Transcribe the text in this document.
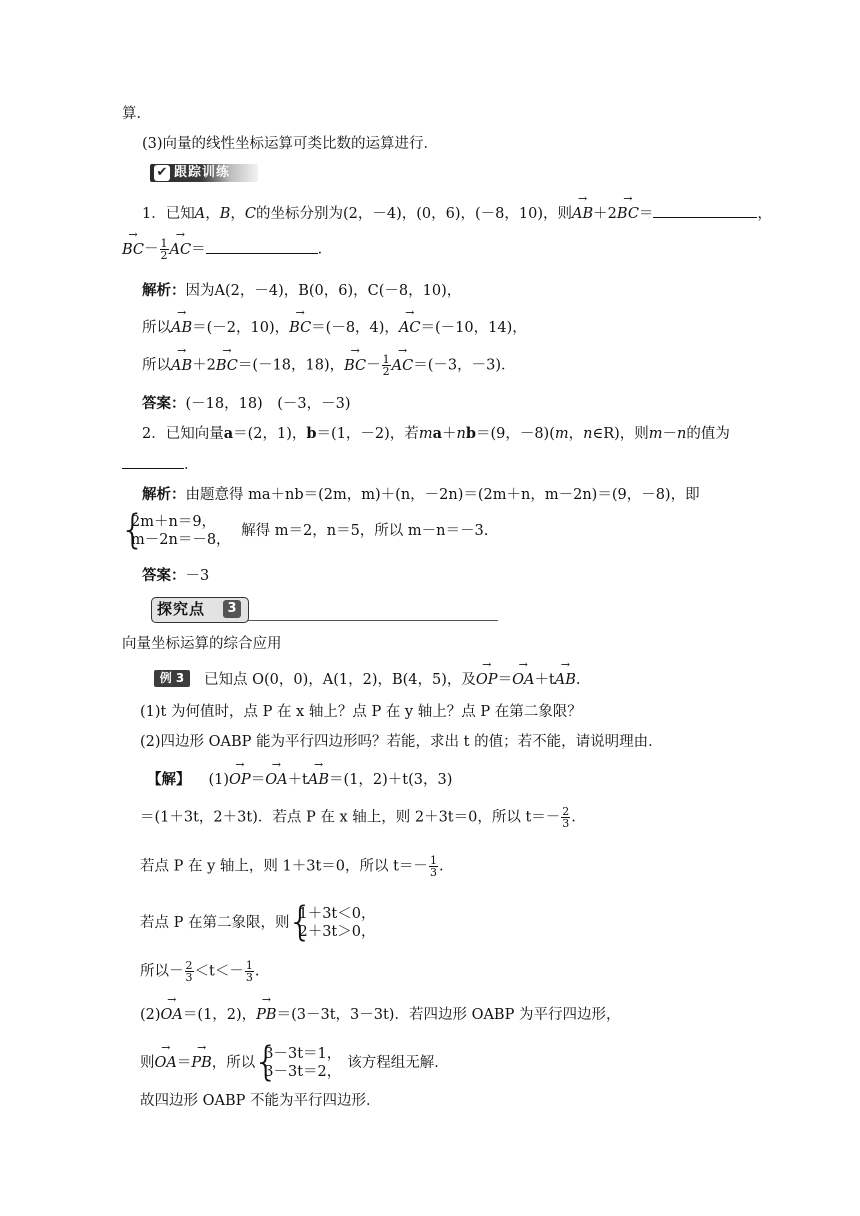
算．
(3)向量的线性坐标运算可类比数的运算进行．
✔ 跟踪训练
1．已知A，B，C的坐标分别为(2，－4)，(0，6)，(－8，10)，则→ AB＋2→ BC＝	，
→ $BC- \frac{1}{2}$
→ AC＝	．
解析：因为A(2，－4)，B(0，6)，C(－8，10)，
所以→ AB＝(－2，10)，→ BC＝(－8，4)，→ AC＝(－10，14)，
所以→ AB＋2→ BC＝(－18，18)，→ $BC- \frac{1}{2}$
→ AC＝(－3，－3)．
答案：(－18，18)　(－3，－3)
2．已知向量a＝(2，1)，b＝(1，－2)，若ma＋nb＝(9，－8)(m，n∈R)，则m－n的值为
．
解析：由题意得 ma＋nb＝(2m，m)＋(n，－2n)＝(2m＋n，m－2n)＝(9，－8)，即
{ 2m＋n＝9，
m－2n＝－8，
解得 m＝2，n＝5，所以 m－n＝－3.
答案：－3
探究点	3
向量坐标运算的综合应用
例 3	已知点 O(0，0)，A(1，2)，B(4，5)，及→ OP＝→ OA＋t→ AB.
(1)t 为何值时，点 P 在 x 轴上？点 P 在 y 轴上？点 P 在第二象限？
(2)四边形 OABP 能为平行四边形吗？若能，求出 t 的值；若不能，请说明理由．
【解】 (1)→ OP＝→ OA＋t→ AB＝(1，2)＋t(3，3)
＝(1＋3t，2＋3t)．若点 P 在 x 轴上，则 2＋3t＝0，所以 $t=- \frac{2}{3}$ .
若点 P 在 y 轴上，则 1＋3t＝0，所以 $t=- \frac{1}{3}$ .
若点 P 在第二象限，则
{ 1＋3t＜0，
2＋3t＞0，
所以－ $\frac{2}{3} <t<- \frac{1}{3}$ .
(2)→ OA＝(1，2)，→ PB＝(3－3t，3－3t)．若四边形 OABP 为平行四边形，
则→ OA＝→ PB，所以
{ 3－3t＝1，
3－3t＝2，
该方程组无解．
故四边形 OABP 不能为平行四边形．
